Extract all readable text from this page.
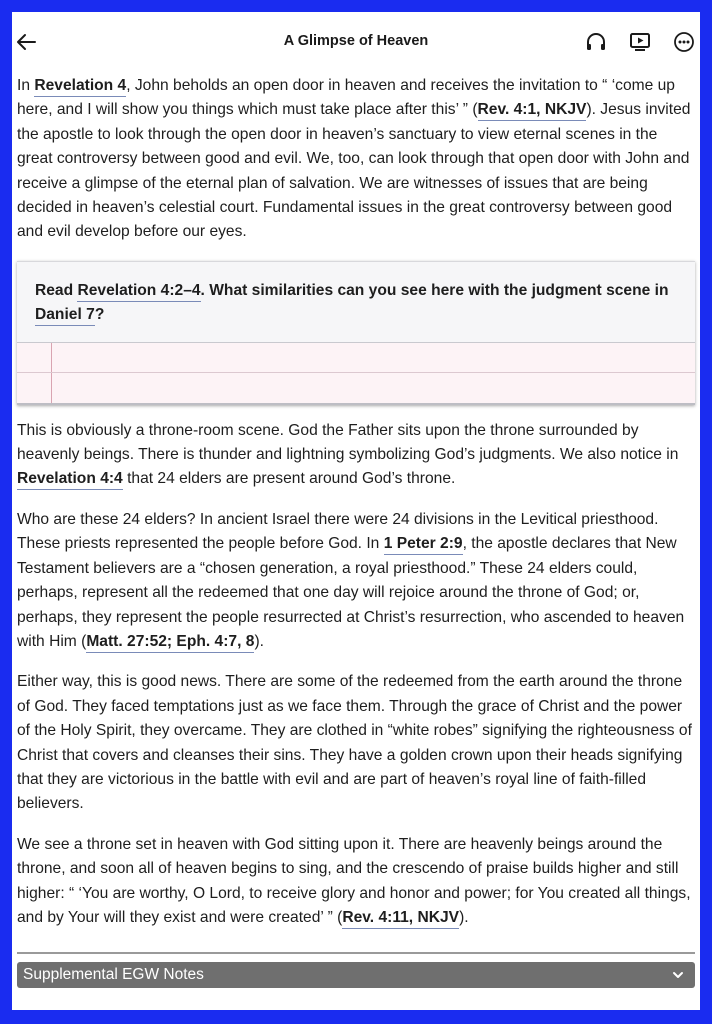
A Glimpse of Heaven

In Revelation 4, John beholds an open door in heaven and receives the invitation to “ ‘come up here, and I will show you things which must take place after this’ ” (Rev. 4:1, NKJV). Jesus invited the apostle to look through the open door in heaven’s sanctuary to view eternal scenes in the great controversy between good and evil. We, too, can look through that open door with John and receive a glimpse of the eternal plan of salvation. We are witnesses of issues that are being decided in heaven’s celestial court. Fundamental issues in the great controversy between good and evil develop before our eyes.

Read Revelation 4:2–4. What similarities can you see here with the judgment scene in Daniel 7?

This is obviously a throne-room scene. God the Father sits upon the throne surrounded by heavenly beings. There is thunder and lightning symbolizing God’s judgments. We also notice in Revelation 4:4 that 24 elders are present around God’s throne.

Who are these 24 elders? In ancient Israel there were 24 divisions in the Levitical priesthood. These priests represented the people before God. In 1 Peter 2:9, the apostle declares that New Testament believers are a “chosen generation, a royal priesthood.” These 24 elders could, perhaps, represent all the redeemed that one day will rejoice around the throne of God; or, perhaps, they represent the people resurrected at Christ’s resurrection, who ascended to heaven with Him (Matt. 27:52; Eph. 4:7, 8).

Either way, this is good news. There are some of the redeemed from the earth around the throne of God. They faced temptations just as we face them. Through the grace of Christ and the power of the Holy Spirit, they overcame. They are clothed in “white robes” signifying the righteousness of Christ that covers and cleanses their sins. They have a golden crown upon their heads signifying that they are victorious in the battle with evil and are part of heaven’s royal line of faith-filled believers.

We see a throne set in heaven with God sitting upon it. There are heavenly beings around the throne, and soon all of heaven begins to sing, and the crescendo of praise builds higher and still higher: “ ‘You are worthy, O Lord, to receive glory and honor and power; for You created all things, and by Your will they exist and were created’ ” (Rev. 4:11, NKJV).

Supplemental EGW Notes
